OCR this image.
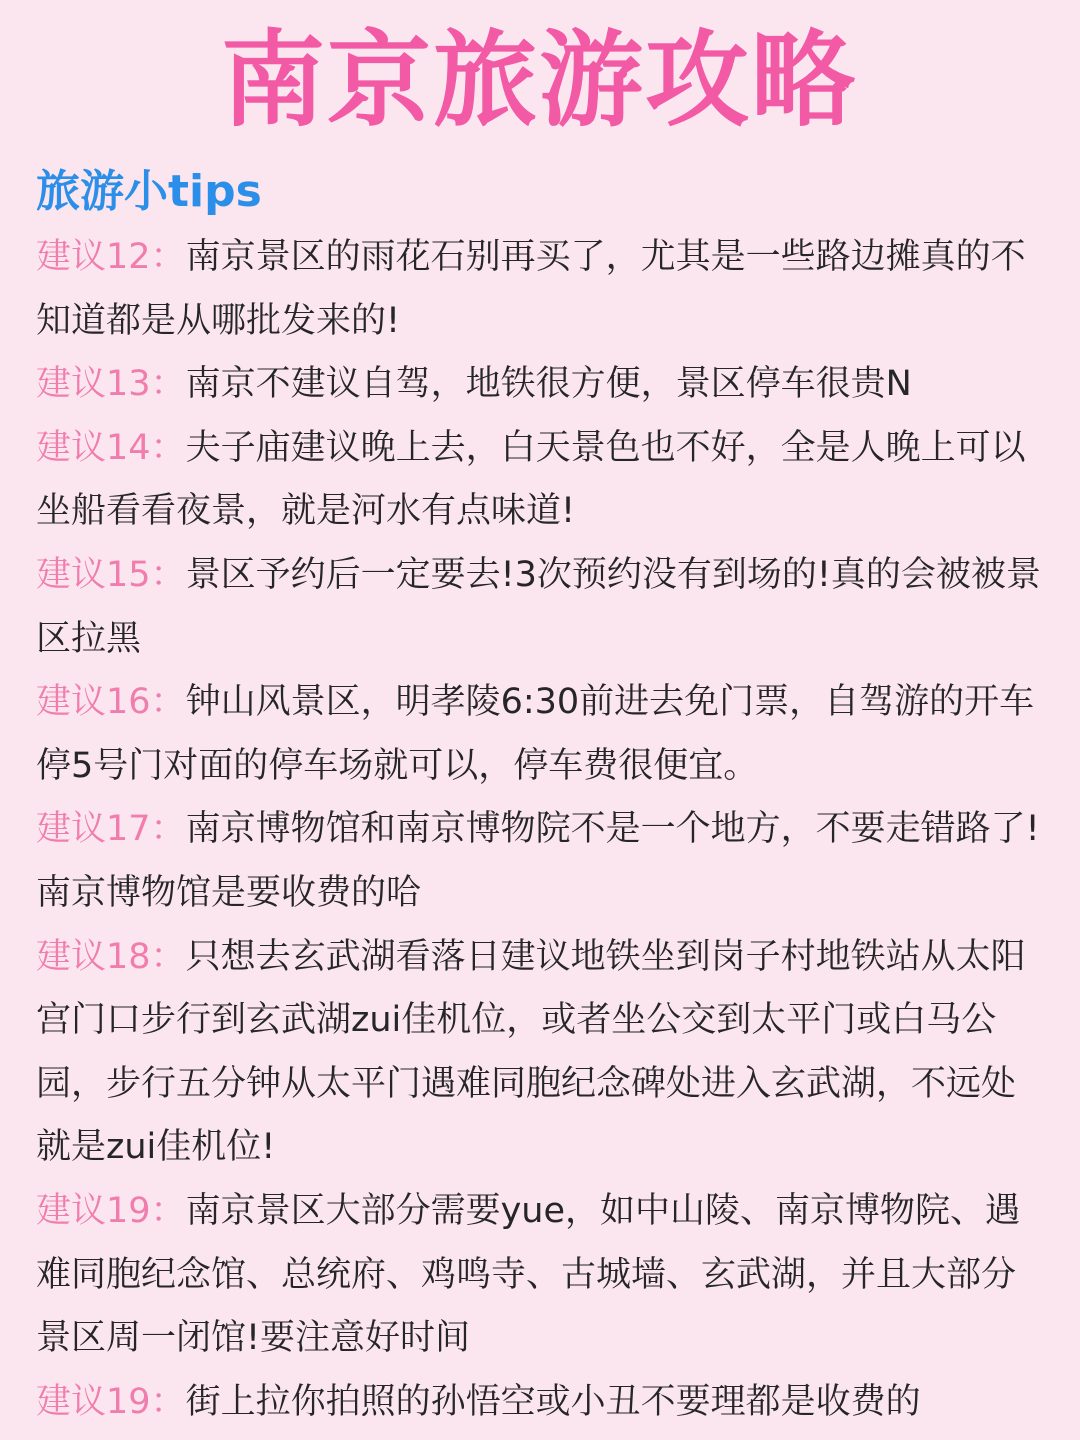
南京旅游攻略
旅游小tips
建议12：南京景区的雨花石别再买了，尤其是一些路边摊真的不知道都是从哪批发来的!
建议13：南京不建议自驾，地铁很方便，景区停车很贵N
建议14：夫子庙建议晚上去，白天景色也不好，全是人晚上可以坐船看看夜景，就是河水有点味道!
建议15：景区予约后一定要去!3次预约没有到场的!真的会被被景区拉黑
建议16：钟山风景区，明孝陵6:30前进去免门票，自驾游的开车停5号门对面的停车场就可以，停车费很便宜。
建议17：南京博物馆和南京博物院不是一个地方，不要走错路了!南京博物馆是要收费的哈
建议18：只想去玄武湖看落日建议地铁坐到岗子村地铁站从太阳宫门口步行到玄武湖zui佳机位，或者坐公交到太平门或白马公园，步行五分钟从太平门遇难同胞纪念碑处进入玄武湖，不远处就是zui佳机位!
建议19：南京景区大部分需要yue，如中山陵、南京博物院、遇难同胞纪念馆、总统府、鸡鸣寺、古城墙、玄武湖，并且大部分景区周一闭馆!要注意好时间
建议19：街上拉你拍照的孙悟空或小丑不要理都是收费的
